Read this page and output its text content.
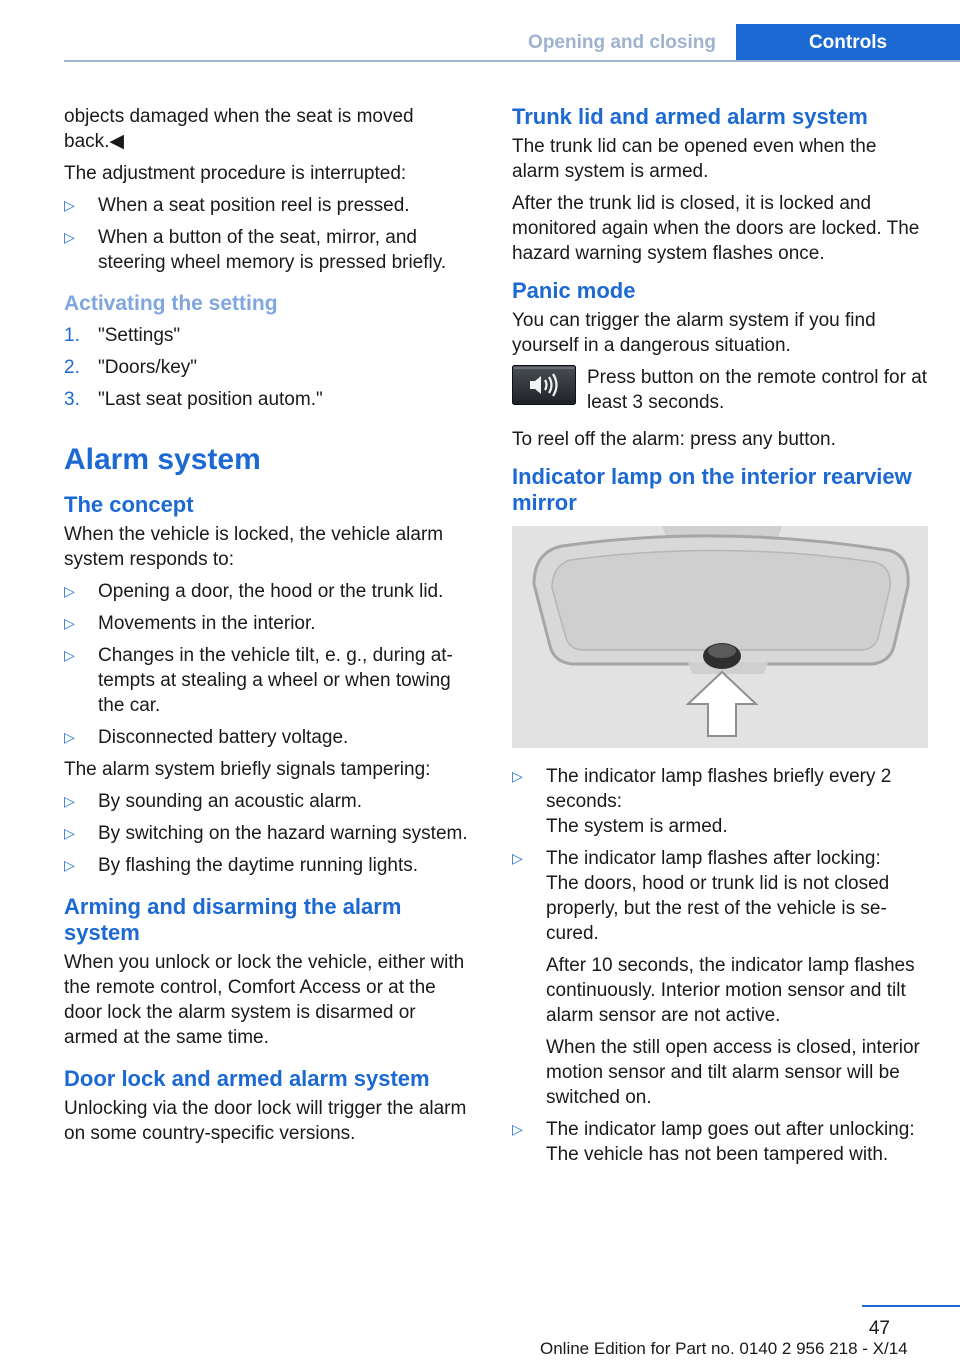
Opening and closing	Controls

objects damaged when the seat is moved back.◀

The adjustment procedure is interrupted:

▷	When a seat position reel is pressed.
▷	When a button of the seat, mirror, and steering wheel memory is pressed briefly.
Activating the setting
1. "Settings"
2. "Doors/key"
3. "Last seat position autom."
Alarm system
The concept

When the vehicle is locked, the vehicle alarm system responds to:

▷	Opening a door, the hood or the trunk lid.
▷	Movements in the interior.
▷	Changes in the vehicle tilt, e. g., during attempts at stealing a wheel or when towing the car.
▷	Disconnected battery voltage.

The alarm system briefly signals tampering:

▷	By sounding an acoustic alarm.
▷	By switching on the hazard warning system.
▷	By flashing the daytime running lights.
Arming and disarming the alarm system

When you unlock or lock the vehicle, either with the remote control, Comfort Access or at the door lock the alarm system is disarmed or armed at the same time.

Door lock and armed alarm system

Unlocking via the door lock will trigger the alarm on some country-specific versions.

Trunk lid and armed alarm system

The trunk lid can be opened even when the alarm system is armed.

After the trunk lid is closed, it is locked and monitored again when the doors are locked. The hazard warning system flashes once.

Panic mode

You can trigger the alarm system if you find yourself in a dangerous situation.

Press button on the remote control for at least 3 seconds.

To reel off the alarm: press any button.

Indicator lamp on the interior rearview mirror
▷	The indicator lamp flashes briefly every 2 seconds:

The system is armed.

▷	The indicator lamp flashes after locking:

The doors, hood or trunk lid is not closed properly, but the rest of the vehicle is secured.

After 10 seconds, the indicator lamp flashes continuously. Interior motion sensor and tilt alarm sensor are not active.

When the still open access is closed, interior motion sensor and tilt alarm sensor will be switched on.

▷	The indicator lamp goes out after unlocking:

The vehicle has not been tampered with.

47
Online Edition for Part no. 0140 2 956 218 - X/14
